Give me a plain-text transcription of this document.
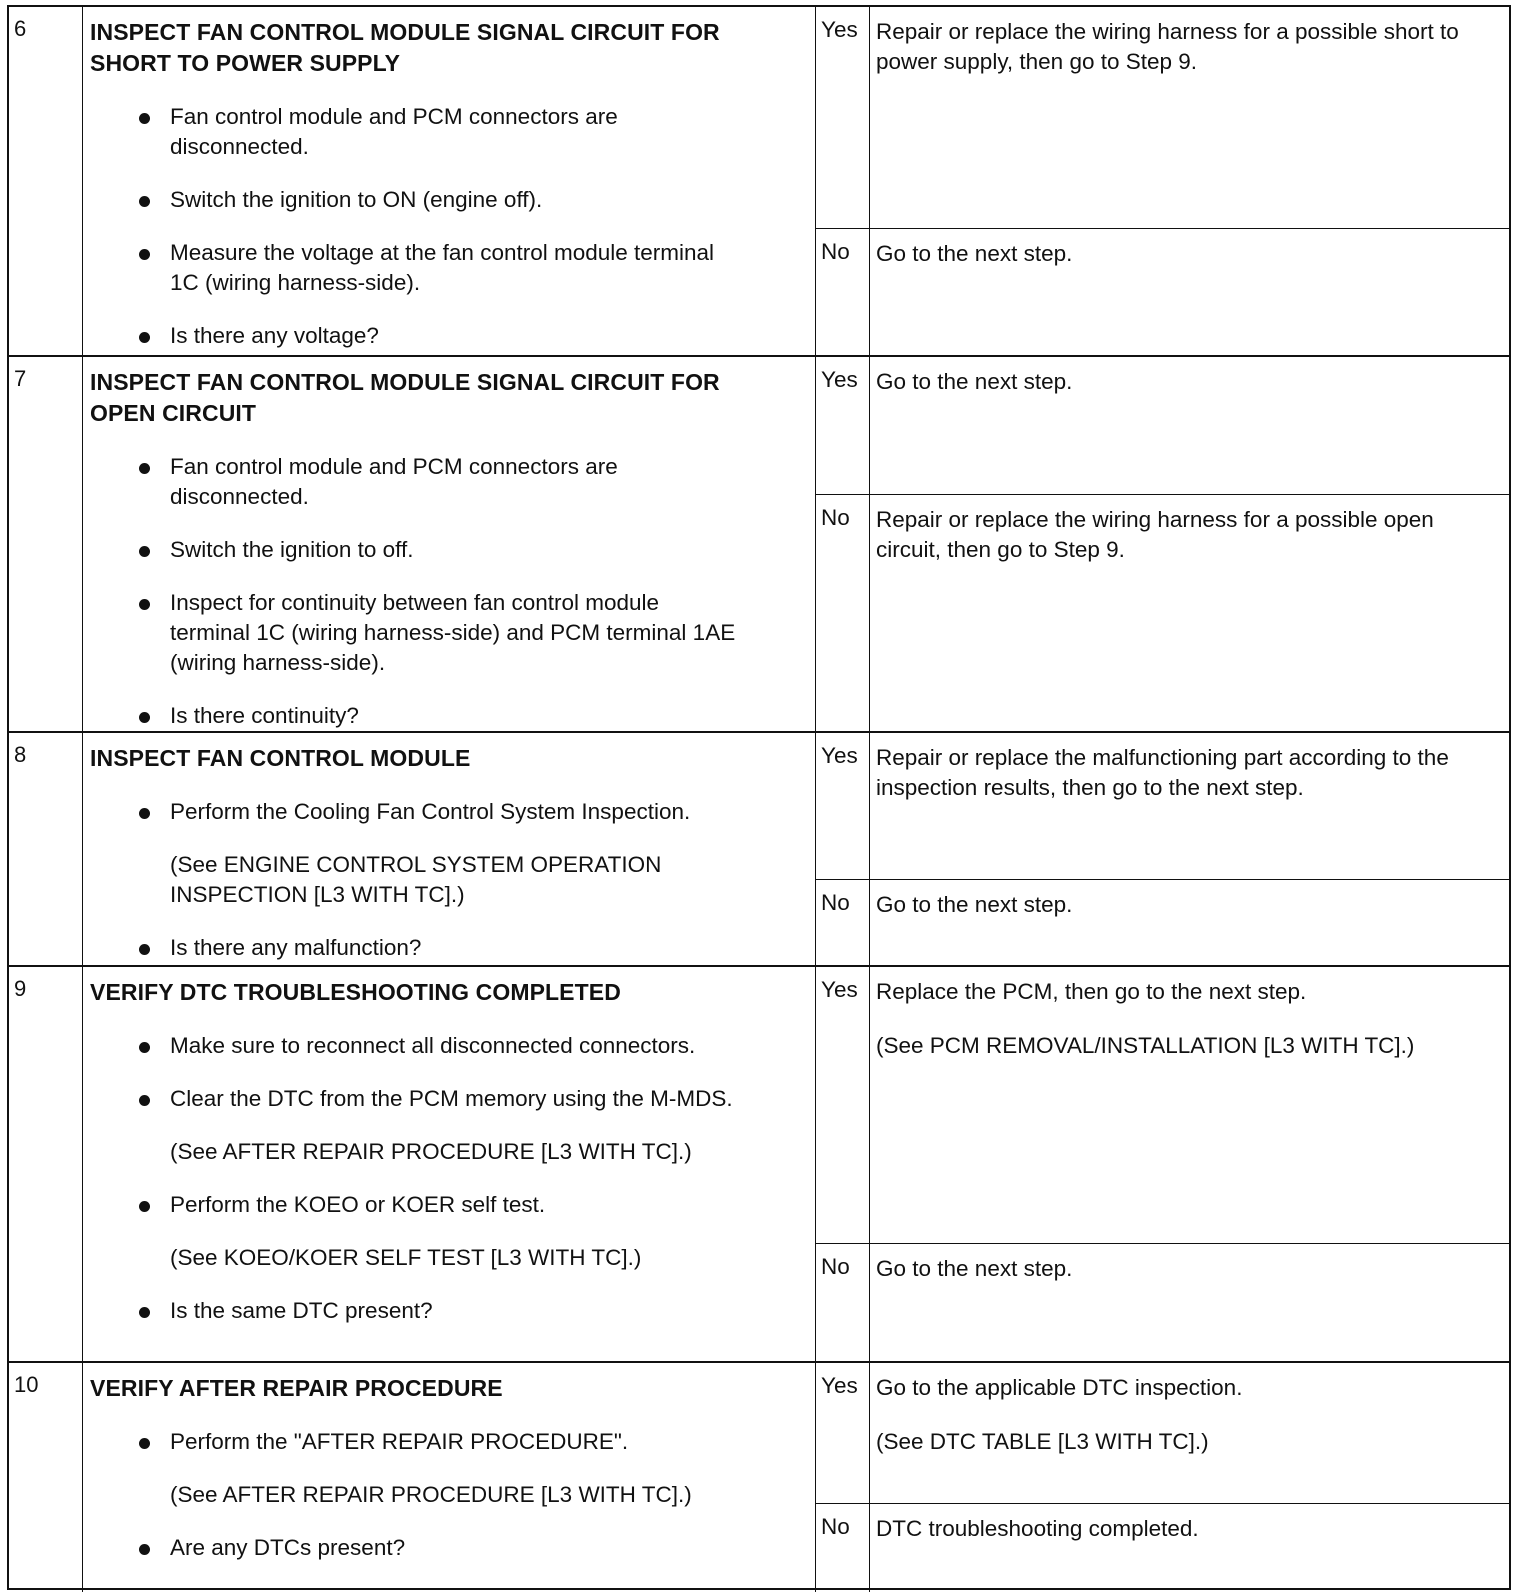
6	INSPECT FAN CONTROL MODULE SIGNAL CIRCUIT FOR
SHORT TO POWER SUPPLY
Fan control module and PCM connectors are disconnected.
Switch the ignition to ON (engine off).
Measure the voltage at the fan control module terminal 1C (wiring harness-side).
Is there any voltage?
Yes Repair or replace the wiring harness for a possible short to power supply, then go to Step 9.

No	Go to the next step.

7	INSPECT FAN CONTROL MODULE SIGNAL CIRCUIT FOR
OPEN CIRCUIT
Fan control module and PCM connectors are disconnected.
Switch the ignition to off.
Inspect for continuity between fan control module terminal 1C (wiring harness-side) and PCM terminal 1AE (wiring harness-side).
Is there continuity?
Yes Go to the next step.

No	Repair or replace the wiring harness for a possible open circuit, then go to Step 9.

8	INSPECT FAN CONTROL MODULE
Perform the Cooling Fan Control System Inspection.
(See ENGINE CONTROL SYSTEM OPERATION INSPECTION [L3 WITH TC].)
Is there any malfunction?
Yes Repair or replace the malfunctioning part according to the inspection results, then go to the next step.

No	Go to the next step.

9	VERIFY DTC TROUBLESHOOTING COMPLETED
Make sure to reconnect all disconnected connectors.
Clear the DTC from the PCM memory using the M-MDS.
(See AFTER REPAIR PROCEDURE [L3 WITH TC].)
Perform the KOEO or KOER self test.
(See KOEO/KOER SELF TEST [L3 WITH TC].)
Is the same DTC present?
Yes Replace the PCM, then go to the next step.

(See PCM REMOVAL/INSTALLATION [L3 WITH TC].)

No	Go to the next step.

10	VERIFY AFTER REPAIR PROCEDURE
Perform the "AFTER REPAIR PROCEDURE".
(See AFTER REPAIR PROCEDURE [L3 WITH TC].)
Are any DTCs present?
Yes Go to the applicable DTC inspection.

(See DTC TABLE [L3 WITH TC].)

No	DTC troubleshooting completed.
